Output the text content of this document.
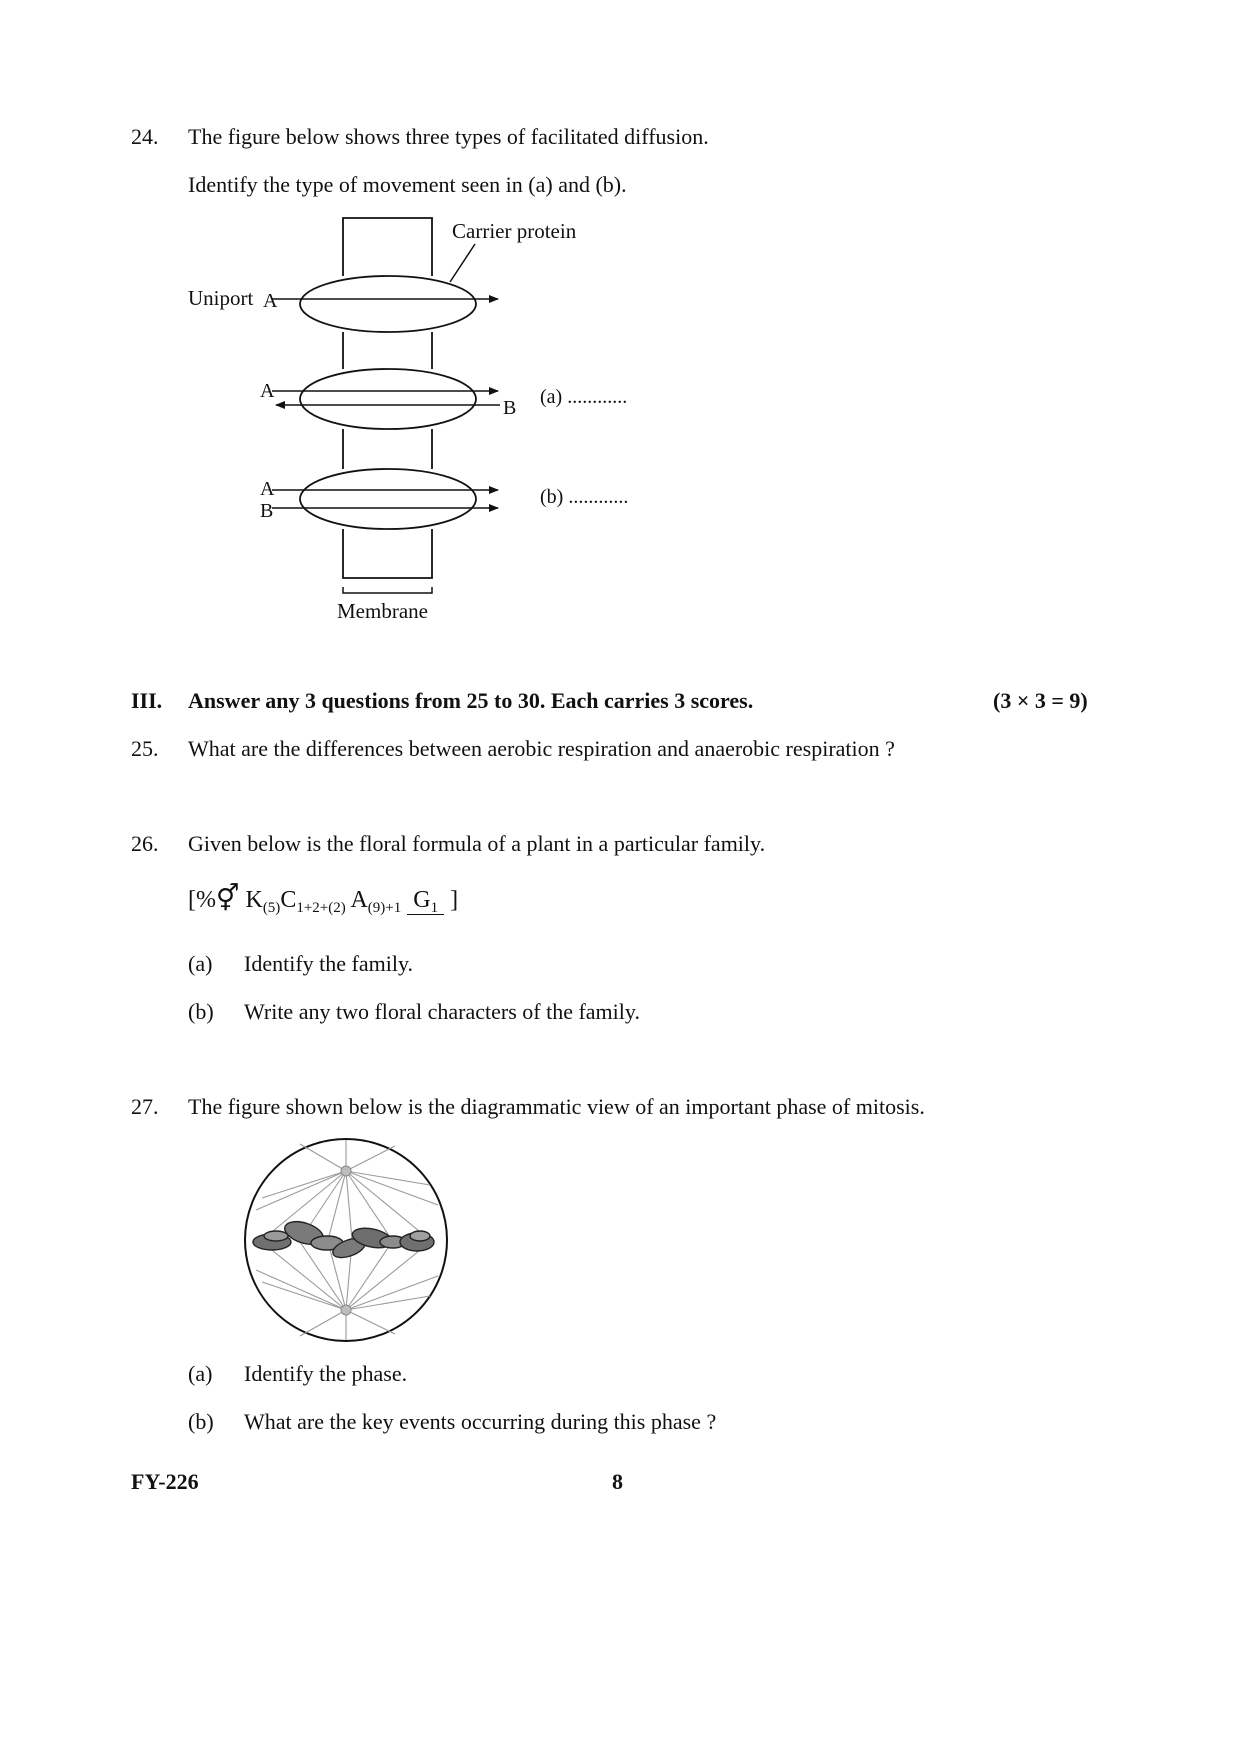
24.	The figure below shows three types of facilitated diffusion.
Identify the type of movement seen in (a) and (b).
Carrier protein
Uniport A
A
B (a) ............
A
B
(b) ............
Membrane
III. Answer any 3 questions from 25 to 30. Each carries 3 scores.	(3 × 3 = 9)
25.	What are the differences between aerobic respiration and anaerobic respiration ?
26.	Given below is the floral formula of a plant in a particular family.
[%⚥ $K_{(5)}C_{1+2+(2)}$ $A_{(9)+1}$ $G_1$ ]
(a) Identify the family.
(b) Write any two floral characters of the family.
27.	The figure shown below is the diagrammatic view of an important phase of mitosis.
(a) Identify the phase.
(b) What are the key events occurring during this phase ?
FY-226	8
